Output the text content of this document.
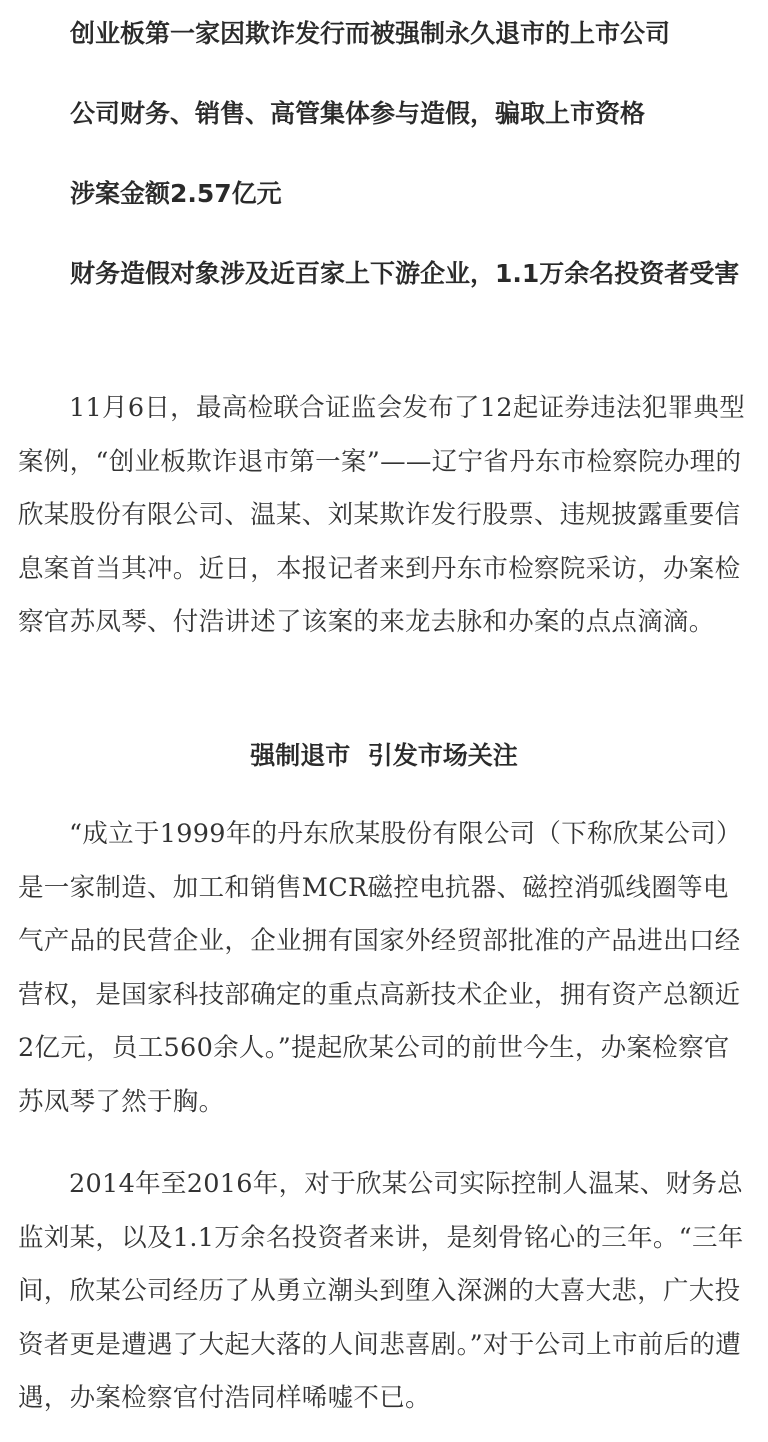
创业板第一家因欺诈发行而被强制永久退市的上市公司

公司财务、销售、高管集体参与造假，骗取上市资格

涉案金额2.57亿元

财务造假对象涉及近百家上下游企业，1.1万余名投资者受害

11月6日，最高检联合证监会发布了12起证券违法犯罪典型案例，“创业板欺诈退市第一案”——辽宁省丹东市检察院办理的欣某股份有限公司、温某、刘某欺诈发行股票、违规披露重要信息案首当其冲。近日，本报记者来到丹东市检察院采访，办案检察官苏凤琴、付浩讲述了该案的来龙去脉和办案的点点滴滴。

强制退市  引发市场关注

“成立于1999年的丹东欣某股份有限公司（下称欣某公司）是一家制造、加工和销售MCR磁控电抗器、磁控消弧线圈等电气产品的民营企业，企业拥有国家外经贸部批准的产品进出口经营权，是国家科技部确定的重点高新技术企业，拥有资产总额近2亿元，员工560余人。”提起欣某公司的前世今生，办案检察官苏凤琴了然于胸。

2014年至2016年，对于欣某公司实际控制人温某、财务总监刘某，以及1.1万余名投资者来讲，是刻骨铭心的三年。“三年间，欣某公司经历了从勇立潮头到堕入深渊的大喜大悲，广大投资者更是遭遇了大起大落的人间悲喜剧。”对于公司上市前后的遭遇，办案检察官付浩同样唏嘘不已。
